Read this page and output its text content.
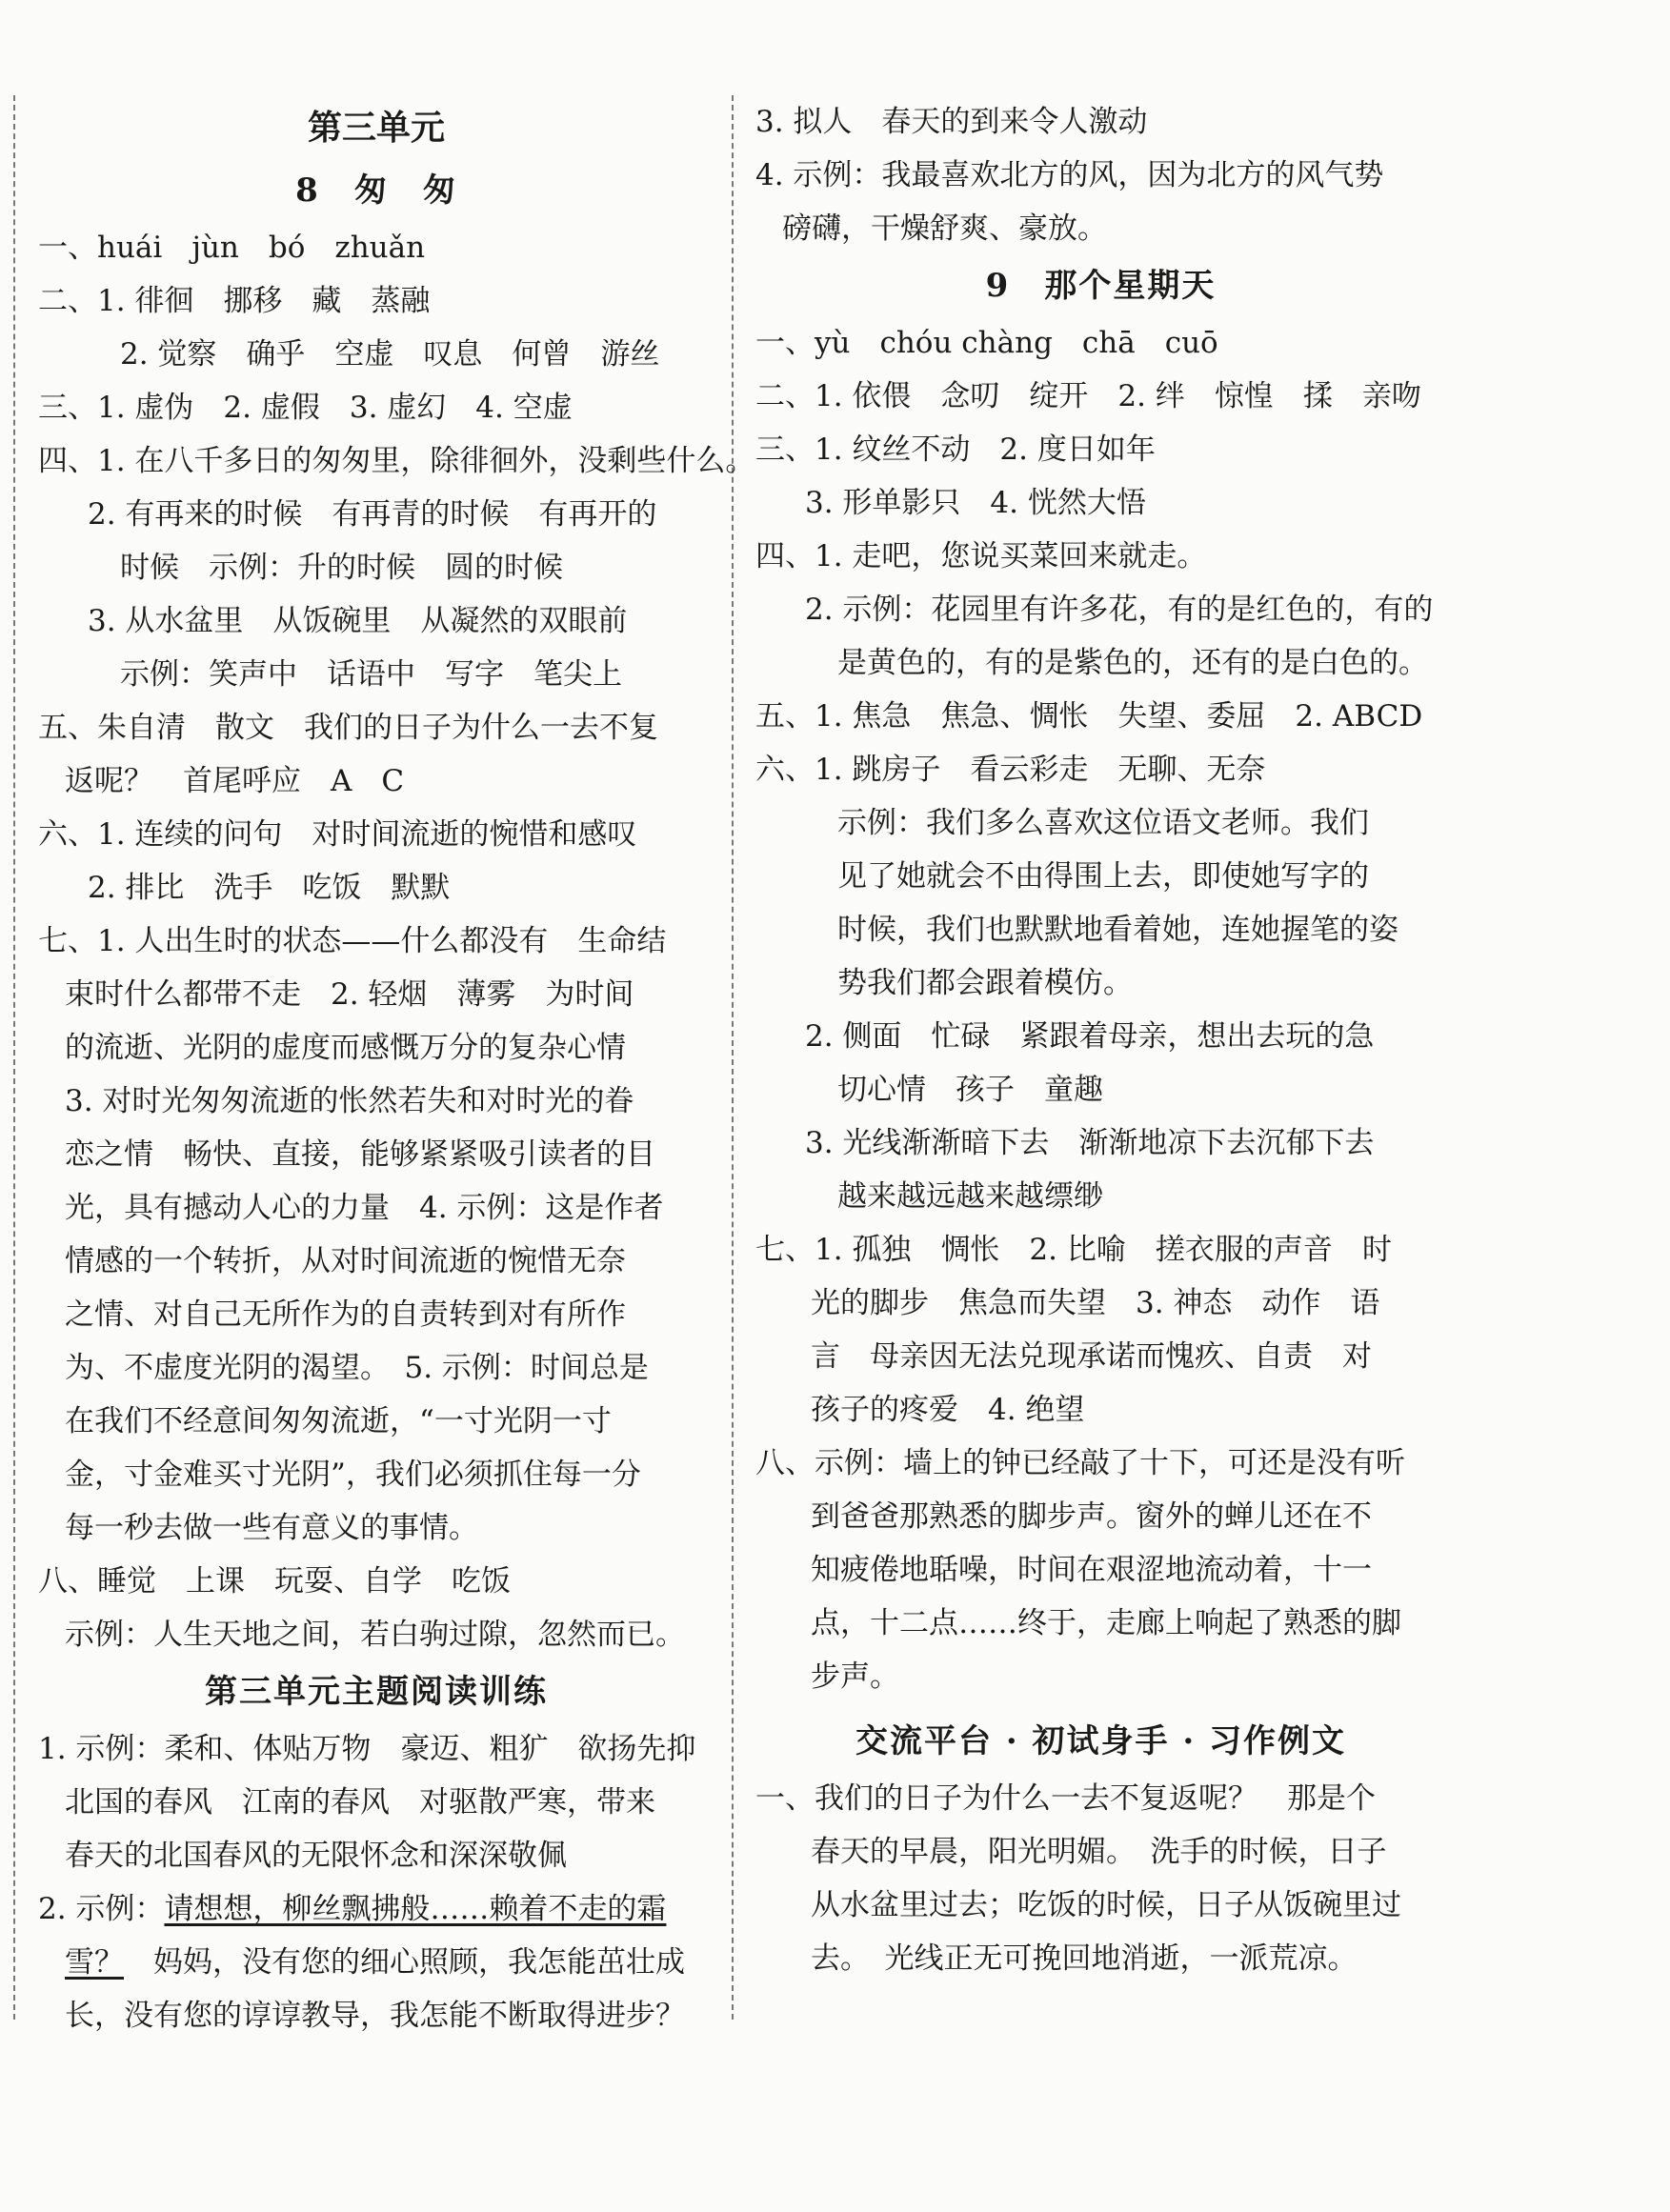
第三单元
8　匆　匆
一、huái　jùn　bó　zhuǎn
二、1. 徘徊　挪移　藏　蒸融
2. 觉察　确乎　空虚　叹息　何曾　游丝
三、1. 虚伪　2. 虚假　3. 虚幻　4. 空虚
四、1. 在八千多日的匆匆里，除徘徊外，没剩些什么。
2. 有再来的时候　有再青的时候　有再开的
时候　示例：升的时候　圆的时候
3. 从水盆里　从饭碗里　从凝然的双眼前
示例：笑声中　话语中　写字　笔尖上
五、朱自清　散文　我们的日子为什么一去不复
返呢？　首尾呼应　A　C
六、1. 连续的问句　对时间流逝的惋惜和感叹
2. 排比　洗手　吃饭　默默
七、1. 人出生时的状态——什么都没有　生命结
束时什么都带不走　2. 轻烟　薄雾　为时间
的流逝、光阴的虚度而感慨万分的复杂心情
3. 对时光匆匆流逝的怅然若失和对时光的眷
恋之情　畅快、直接，能够紧紧吸引读者的目
光，具有撼动人心的力量　4. 示例：这是作者
情感的一个转折，从对时间流逝的惋惜无奈
之情、对自己无所作为的自责转到对有所作
为、不虚度光阴的渴望。　5. 示例：时间总是
在我们不经意间匆匆流逝，“一寸光阴一寸
金，寸金难买寸光阴”，我们必须抓住每一分
每一秒去做一些有意义的事情。
八、睡觉　上课　玩耍、自学　吃饭
示例：人生天地之间，若白驹过隙，忽然而已。
第三单元主题阅读训练
1. 示例：柔和、体贴万物　豪迈、粗犷　欲扬先抑
北国的春风　江南的春风　对驱散严寒，带来
春天的北国春风的无限怀念和深深敬佩
2. 示例：请想想，柳丝飘拂般……赖着不走的霜
雪？　妈妈，没有您的细心照顾，我怎能茁壮成
长，没有您的谆谆教导，我怎能不断取得进步？
3. 拟人　春天的到来令人激动
4. 示例：我最喜欢北方的风，因为北方的风气势
磅礴，干燥舒爽、豪放。
9　那个星期天
一、yù　chóu chàng　chā　cuō
二、1. 依偎　念叨　绽开　2. 绊　惊惶　揉　亲吻
三、1. 纹丝不动　2. 度日如年
3. 形单影只　4. 恍然大悟
四、1. 走吧，您说买菜回来就走。
2. 示例：花园里有许多花，有的是红色的，有的
是黄色的，有的是紫色的，还有的是白色的。
五、1. 焦急　焦急、惆怅　失望、委屈　2. ABCD
六、1. 跳房子　看云彩走　无聊、无奈
示例：我们多么喜欢这位语文老师。我们
见了她就会不由得围上去，即使她写字的
时候，我们也默默地看着她，连她握笔的姿
势我们都会跟着模仿。
2. 侧面　忙碌　紧跟着母亲，想出去玩的急
切心情　孩子　童趣
3. 光线渐渐暗下去　渐渐地凉下去沉郁下去
越来越远越来越缥缈
七、1. 孤独　惆怅　2. 比喻　搓衣服的声音　时
光的脚步　焦急而失望　3. 神态　动作　语
言　母亲因无法兑现承诺而愧疚、自责　对
孩子的疼爱　4. 绝望
八、示例：墙上的钟已经敲了十下，可还是没有听
到爸爸那熟悉的脚步声。窗外的蝉儿还在不
知疲倦地聒噪，时间在艰涩地流动着，十一
点，十二点……终于，走廊上响起了熟悉的脚
步声。
交流平台 · 初试身手 · 习作例文
一、我们的日子为什么一去不复返呢？　那是个
春天的早晨，阳光明媚。　洗手的时候，日子
从水盆里过去；吃饭的时候，日子从饭碗里过
去。　光线正无可挽回地消逝，一派荒凉。
